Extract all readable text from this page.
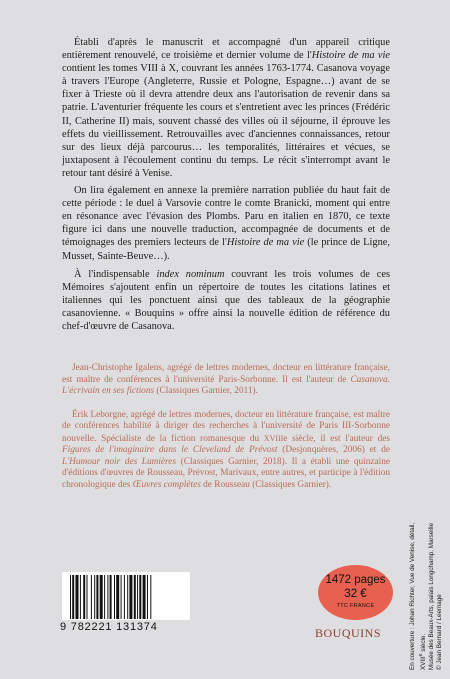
Établi d'après le manuscrit et accompagné d'un appareil critique entièrement renouvelé, ce troisième et dernier volume de l'Histoire de ma vie contient les tomes VIII à X, couvrant les années 1763-1774. Casanova voyage à travers l'Europe (Angleterre, Russie et Pologne, Espagne…) avant de se fixer à Trieste où il devra attendre deux ans l'autorisation de revenir dans sa patrie. L'aventurier fréquente les cours et s'entretient avec les princes (Frédéric II, Catherine II) mais, souvent chassé des villes où il séjourne, il éprouve les effets du vieillissement. Retrouvailles avec d'anciennes connaissances, retour sur des lieux déjà parcourus… les temporalités, littéraires et vécues, se juxtaposent à l'écoulement continu du temps. Le récit s'interrompt avant le retour tant désiré à Venise.

On lira également en annexe la première narration publiée du haut fait de cette période : le duel à Varsovie contre le comte Branicki, moment qui entre en résonance avec l'évasion des Plombs. Paru en italien en 1870, ce texte figure ici dans une nouvelle traduction, accompagnée de documents et de témoignages des premiers lecteurs de l'Histoire de ma vie (le prince de Ligne, Musset, Sainte-Beuve…).

À l'indispensable index nominum couvrant les trois volumes de ces Mémoires s'ajoutent enfin un répertoire de toutes les citations latines et italiennes qui les ponctuent ainsi que des tableaux de la géographie casanovienne. « Bouquins » offre ainsi la nouvelle édition de référence du chef-d'œuvre de Casanova.

Jean-Christophe Igalens, agrégé de lettres modernes, docteur en littérature française, est maître de conférences à l'université Paris-Sorbonne. Il est l'auteur de Casanova. L'écrivain en ses fictions (Classiques Garnier, 2011).

Érik Leborgne, agrégé de lettres modernes, docteur en littérature française, est maître de conférences habilité à diriger des recherches à l'université de Paris III-Sorbonne nouvelle. Spécialiste de la fiction romanesque du XVIIIe siècle, il est l'auteur des Figures de l'imaginaire dans le Cleveland de Prévost (Desjonquères, 2006) et de L'Humour noir des Lumières (Classiques Garnier, 2018). Il a établi une quinzaine d'éditions d'œuvres de Rousseau, Prévost, Marivaux, entre autres, et participe à l'édition chronologique des Œuvres complètes de Rousseau (Classiques Garnier).

En couverture : Johan Richter, Vue de Venise, détail, XVIIIe siècle. Musée des Beaux-Arts, palais Longchamp, Marseille © Jean Bernard / Leemage
9 782221 131374
1472 pages
32 €
TTC FRANCE
BOUQUINS
